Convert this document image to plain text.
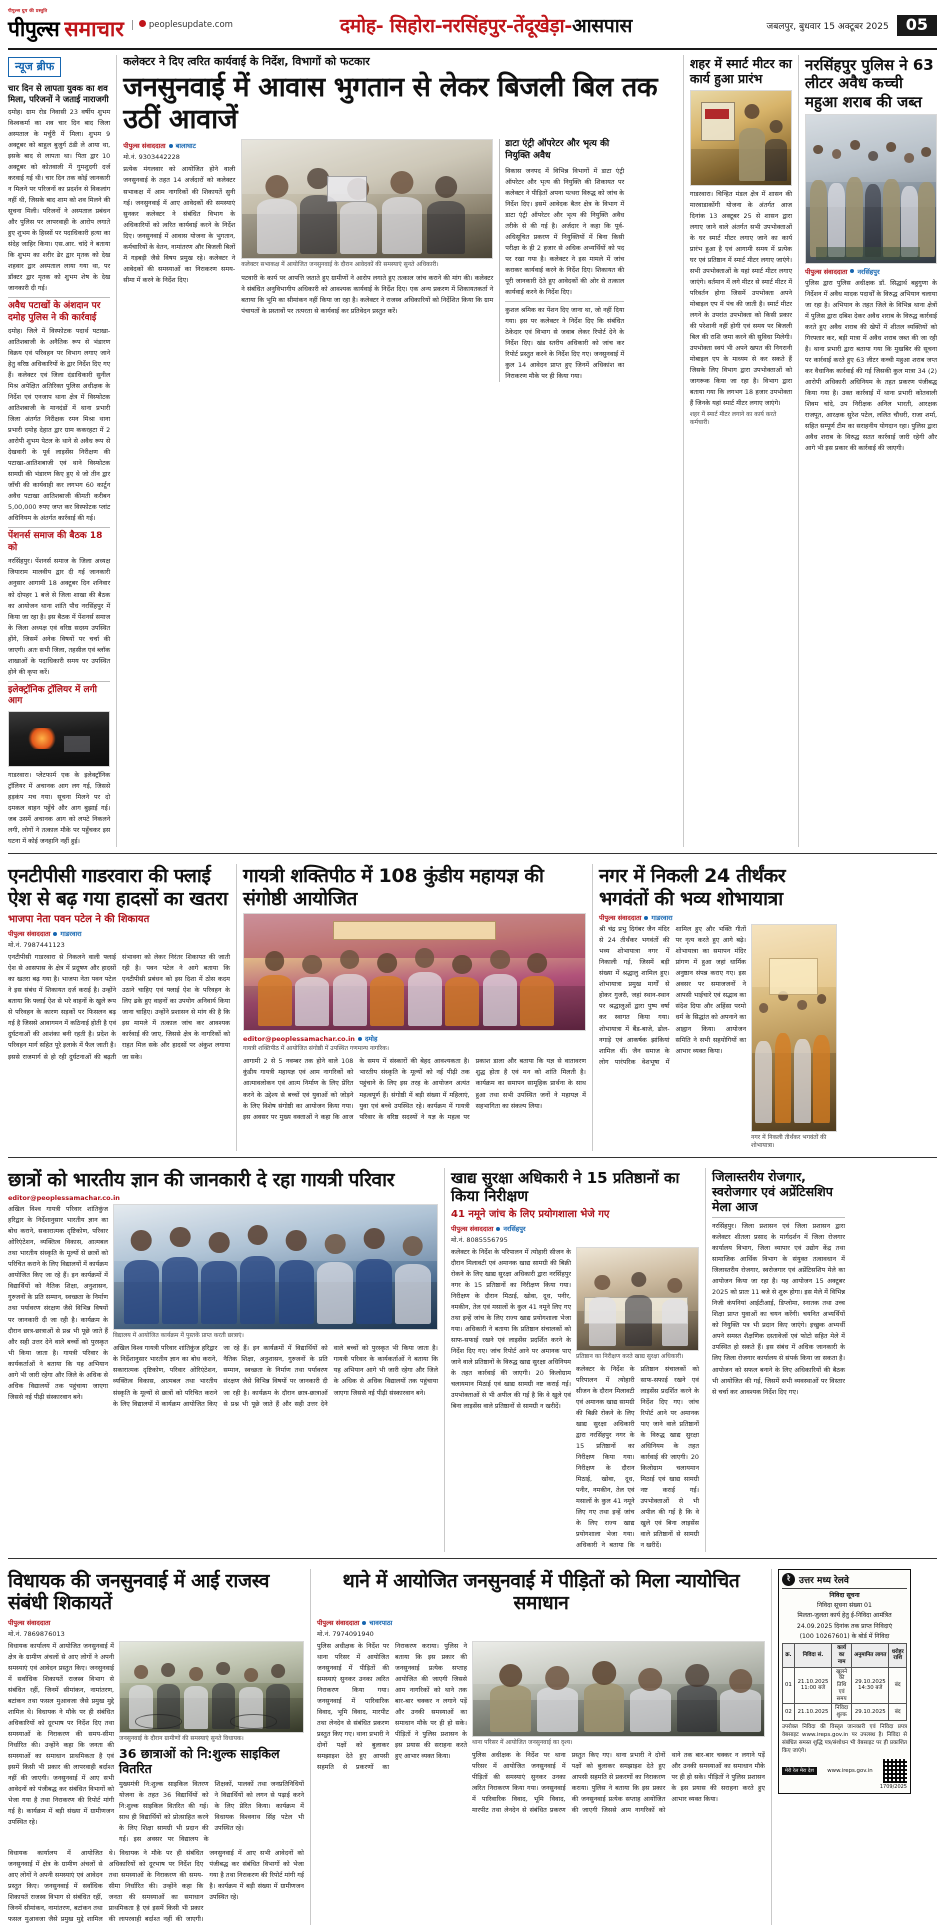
पीपुल्स ग्रुप की प्रस्तुति
पीपुल्स समाचार	peoplesupdate.com	दमोह- सिहोरा-नरसिंहपुर-तेंदूखेड़ा-आसपास	जबलपुर, बुधवार 15 अक्टूबर 2025	05
न्यूज ब्रीफ
चार दिन से लापता युवक का शव मिला, परिजनों ने जताई नाराजगी
दमोह। ग्राम रोड निवासी 23 वर्षीय शुभम विश्वकर्मा का शव चार दिन बाद जिला अस्पताल के मर्चुरी में मिला। शुभम 9 अक्टूबर को बाहुल बुजुर्ग ठंडी ले आया था, इसके बाद से लापता था। पिता द्वार 10 अक्टूबर को कोतवाली में गुमशुदगी दर्ज करवाई गई थी। चार दिन तक कोई जानकारी न मिलने पर परिजनों का प्रदर्शन से विकलांग नहीं थी, जिसके बाद शाम को शव मिलने की सूचना मिली। परिजनों ने अस्पताल प्रबंधन और पुलिस पर लापरवाही के आरोप लगाते हुए शुभम के हिस्सों पर पदाधिकारी हत्या का संदेह जाहिर किया। एस.आर. चांदे ने बताया कि शुभम का शरीर ढेर द्वार मृतक को देख शहवार द्वार अस्पताल लाया गया था, पर डॉक्टर द्वार मृतक को शुभम शेष के देख जानकारी दी गई।
अवैध पटाखों के अंशदान पर दमोह पुलिस ने की कार्रवाई
दमोह। जिले में विस्फोटक पदार्थ पटाखा-आतिशबाजी के अनैतिक रूप से भंडारण विक्रय एवं परिवहन पर विभाग लगाए जाने हेतु वरिष्ठ अधिकारियों के द्वार निर्देश दिए गए हैं। कलेक्टर एवं जिला दंडाधिकारी सुनील मिश्र अपेक्षित अतिरिक्त पुलिस अधीक्षक के निर्देश एवं एनजाप थाना क्षेत्र में विस्फोटक आतिशबाजी के मानदंडों में थाना प्रभारी जिला अंतर्गत निरीक्षक रमन मिश्रा थाना प्रभारी दमोह देहात द्वार ग्राम ककरहटा में 2 आरोपी शुभम पेटल के थाने से अवैध रूप से देखवारी के पूर्व लाइसेंस निरीक्षण की पटाखा-आतिशबाजी एवं थाने विस्फोटक सामग्री की भंडारण किए हुए थे जो तीन द्वार जाँची की कार्यवाही कर लगभग 60 कार्टून अवैध पटाखा आतिशबाजी कीमती करीबन 5,00,000 रुपए जप्त कर विस्फोटक प्लांट अधिनियम के अंतर्गत कार्रवाई की गई।
पेंशनर्स समाज की बैठक 18 को
नरसिंहपुर। पेंशनर्स समाज के जिला अध्यक्ष जियाराम मालवीय द्वार दी गई जानकारी अनुसार आगामी 18 अक्टूबर दिन शनिवार को दोपहर 1 बजे से जिला शाखा की बैठक का आयोजन थाना शांति पौध नरसिंहपुर में किया जा रहा है। इस बैठक में पेंशनर्स समाज के जिला अध्यक्ष एवं वरिष्ठ सदस्य उपस्थित होंगे, जिसमें अनेक विषयों पर चर्चा की जाएगी। अतः सभी जिला, तहसील एवं ब्लॉक शाखाओं के पदाधिकारी समय पर उपस्थित होने की कृपा करें।
इलेक्ट्रॉनिक ट्रॉलियर में लगी आग
गाडरवारा। प्लेटफार्म एक के इलेक्ट्रॉनिक ट्रॉलियर में अचानक आग लग गई, जिससे हड़कंप मच गया। सूचना मिलने पर दो दमकल वाहन पहुँचे और आग बुझाई गई। जब उसमें अचानक आग को लपटे निकलने लगी, लोगों ने तत्काल मौके पर पहुँचकर इस घटना में कोई जनहानि नहीं हुई।
कलेक्टर ने दिए त्वरित कार्यवाई के निर्देश, विभागों को फटकार
जनसुनवाई में आवास भुगतान से लेकर बिजली बिल तक उठीं आवाजें
पीपुल्स संवाददाता बालाघाट
मो.नं. 9303442228
प्रत्येक मंगलवार को आयोजित होने वाली जनसुनवाई के तहत 14 अर्जदारों को कलेक्टर सभाकक्ष में आम नागरिकों की शिकायतें सुनी गई। जनसुनवाई में आए आवेदकों की समस्याएं सुनकर कलेक्टर ने संबंधित विभाग के अधिकारियों को त्वरित कार्यवाई करने के निर्देश दिए। जनसुनवाई में आवास योजना के भुगतान, कर्मचारियों के वेतन, नामांतरण और बिजली बिलों में गड़बड़ी जैसे विषय प्रमुख रहे। कलेक्टर ने आवेदकों की समस्याओं का निराकरण समय-सीमा में करने के निर्देश दिए।
कलेक्टर सभाकक्ष में आयोजित जनसुनवाई के दौरान आवेदकों की समस्याएं सुनते अधिकारी।
पटवारी के कार्य पर आपत्ति जताते हुए ग्रामीणों ने आरोप लगाते हुए तत्काल जांच कराने की मांग की। कलेक्टर ने संबंधित अनुविभागीय अधिकारी को आवश्यक कार्यवाई के निर्देश दिए। एक अन्य प्रकरण में शिकायतकर्ता ने बताया कि भूमि का सीमांकन नहीं किया जा रहा है। कलेक्टर ने राजस्व अधिकारियों को निर्देशित किया कि ग्राम पंचायतों के प्रस्तावों पर तत्परता से कार्यवाई कर प्रतिवेदन प्रस्तुत करें।
डाटा एंट्री ऑपरेटर और भृत्य की नियुक्ति अवैध
विकास जनपद में विभिन्न विभागों में डाटा एंट्री ऑपरेटर और भृत्य की नियुक्ति की शिकायत पर कलेक्टर ने पीड़ितों अपना पत्थरा विरुद्ध को जांच के निर्देश दिए। इसमें आवेदक बैतर क्षेत्र के विभाग में डाटा एंट्री ऑपरेटर और भृत्य की नियुक्ति अवैध तरीके से की गई है। अर्जदार ने कहा कि पूर्व-अधिसूचित प्रकरण में नियुक्तियों में बिना किसी परीक्षा के ही 2 हजार से अधिक अभ्यर्थियों को पद पर रखा गया है। कलेक्टर ने इस मामले में जांच कराकर कार्यवाई करने के निर्देश दिए। शिकायत की पूरी जानकारी देते हुए आवेदकों की ओर से तत्काल कार्यवाई करने के निर्देश दिए।
कुशल श्रमिक का पेंशन दिए जाना था, जो नहीं दिया गया। इस पर कलेक्टर ने निर्देश दिए कि संबंधित ठेकेदार एवं विभाग से जवाब लेकर रिपोर्ट देने के निर्देश दिए। खंड स्तरीय अधिकारी को जांच कर रिपोर्ट प्रस्तुत करने के निर्देश दिए गए। जनसुनवाई में कुल 14 आवेदन प्राप्त हुए जिनमें अधिकांश का निराकरण मौके पर ही किया गया।
शहर में स्मार्ट मीटर का कार्य हुआ प्रारंभ
गाडरवारा। चिन्हित मंडल क्षेत्र में शासन की मारवाडाकोंगी योजना के अंतर्गत आज दिनांक 13 अक्टूबर 25 से शासन द्वारा लगाए जाने वाले अंतर्गत सभी उपभोक्ताओं के घर स्मार्ट मीटर लगाए जाने का कार्य प्रारंभ हुआ है एवं आगामी समय में प्रत्येक घर एवं प्रतिष्ठान में स्मार्ट मीटर लगाए जाएंगे। सभी उपभोक्ताओं के यहां स्मार्ट मीटर लगाए जाएंगे। वर्तमान में लगे मीटर से स्मार्ट मीटर में परिवर्तन होगा जिसमें उपभोक्ता अपने मोबाइल एप में पंच की जाती है। स्मार्ट मीटर लगने के उपरांत उपभोक्ता को किसी प्रकार की परेशानी नहीं होगी एवं समय पर बिजली बिल की राशि जमा करने की सुविधा मिलेगी। उपभोक्ता स्वयं भी अपने खपत की निगरानी मोबाइल एप के माध्यम से कर सकते हैं जिसके लिए विभाग द्वारा उपभोक्ताओं को जागरूक किया जा रहा है। विभाग द्वारा बताया गया कि लगभग 18 हजार उपभोक्ता हैं जिनके यहां स्मार्ट मीटर लगाए जाएंगे।
शहर में स्मार्ट मीटर लगाने का कार्य करते कर्मचारी।
नरसिंहपुर पुलिस ने 63 लीटर अवैध कच्ची महुआ शराब की जब्त
पीपुल्स संवाददाता नरसिंहपुर
पुलिस द्वारा पुलिस अधीक्षक डॉ. सिद्धार्थ बहुगुणा के निर्देशन में अवैध मादक पदार्थों के विरुद्ध अभियान चलाया जा रहा है। अभियान के तहत जिले के विभिन्न थाना क्षेत्रों में पुलिस द्वारा दबिश देकर अवैध शराब के विरुद्ध कार्रवाई करते हुए अवैध शराब की खेपों में शीतल व्यक्तियों को गिरफ्तार कर, बड़ी मात्रा में अवैध शराब जब्त की जा रही है। थाना प्रभारी द्वारा बताया गया कि मुखबिर की सूचना पर कार्रवाई करते हुए 63 लीटर कच्ची महुआ शराब जप्त कर वैधानिक कार्रवाई की गई जिसकी कुल मात्रा 34 (2) आरोपी अधिकारी अधिनियम के तहत प्रकरण पंजीबद्ध किया गया है। उक्त कार्रवाई में थाना प्रभारी कोतवाली शिवम चांदे, उप निरीक्षक अनिल भारती, आरक्षक राजपूत, आरक्षक सुरेश पटेल, ललित चौधरी, राजा शर्मा, सहित सम्पूर्ण टीम का सराहनीय योगदान रहा। पुलिस द्वारा अवैध शराब के विरुद्ध सतत कार्रवाई जारी रहेगी और आगे भी इस प्रकार की कार्रवाई की जाएगी।
एनटीपीसी गाडरवारा की फ्लाई ऐश से बढ़ गया हादसों का खतरा
भाजपा नेता पवन पटेल ने की शिकायत
पीपुल्स संवाददाता गाडरवारा
मो.नं. 7987441123
एनटीपीसी गाडरवारा से निकलने वाली फ्लाई ऐश से आसपास के क्षेत्र में प्रदूषण और हादसों का खतरा बढ़ गया है। भाजपा नेता पवन पटेल ने इस संबंध में शिकायत दर्ज कराई है। उन्होंने बताया कि फ्लाई ऐश से भरे वाहनों के खुले रूप से परिवहन के कारण सड़कों पर फिसलन बढ़ गई है जिससे आवागमन में कठिनाई होती है एवं दुर्घटनाओं की आशंका बनी रहती है। प्रदेश के परिवहन मार्ग सहित पूरे इलाके में फैल जाती है। इससे राजमार्ग से हो रही दुर्घटनाओं की बढ़ती संभावना को लेकर निरंतर शिकायत की जाती रही है। पवन पटेल ने आगे बताया कि एनटीपीसी प्रबंधन को इस दिशा में ठोस कदम उठाने चाहिए एवं फ्लाई ऐश के परिवहन के लिए ढके हुए वाहनों का उपयोग अनिवार्य किया जाना चाहिए। उन्होंने प्रशासन से मांग की है कि इस मामले में तत्काल जांच कर आवश्यक कार्रवाई की जाए, जिससे क्षेत्र के नागरिकों को राहत मिल सके और हादसों पर अंकुश लगाया जा सके।
गायत्री शक्तिपीठ में 108 कुंडीय महायज्ञ की संगोष्ठी आयोजित
editor@peoplessamachar.co.in दमोह
गायत्री शक्तिपीठ में आयोजित संगोष्ठी में उपस्थित गणमान्य नागरिक।
आगामी 2 से 5 नवम्बर तक होने वाले 108 कुंडीय गायत्री महायज्ञ एवं आम नागरिकों को आत्मावलोकन एवं आत्म निर्माण के लिए प्रेरित करने के उद्देश्य से बच्चों एवं युवाओं को जोड़ने के लिए विशेष संगोष्ठी का आयोजन किया गया। इस अवसर पर मुख्य वक्ताओं ने कहा कि आज के समय में संस्कारों की बेहद आवश्यकता है। भारतीय संस्कृति के मूल्यों को नई पीढ़ी तक पहुंचाने के लिए इस तरह के आयोजन अत्यंत महत्वपूर्ण हैं। संगोष्ठी में बड़ी संख्या में महिलाएं, युवा एवं बच्चे उपस्थित रहे। कार्यक्रम में गायत्री परिवार के वरिष्ठ सदस्यों ने यज्ञ के महत्व पर प्रकाश डाला और बताया कि यज्ञ से वातावरण शुद्ध होता है एवं मन को शांति मिलती है। कार्यक्रम का समापन सामूहिक प्रार्थना के साथ हुआ तथा सभी उपस्थित जनों ने महायज्ञ में सहभागिता का संकल्प लिया।
नगर में निकली 24 तीर्थंकर भगवंतों की भव्य शोभायात्रा
पीपुल्स संवाददाता गाडरवारा
श्री चंद्र प्रभु दिगंबर जैन मंदिर से 24 तीर्थंकर भगवंतों की भव्य शोभायात्रा नगर में निकाली गई, जिसमें बड़ी संख्या में श्रद्धालु शामिल हुए। शोभायात्रा प्रमुख मार्गों से होकर गुजरी, जहां स्थान-स्थान पर श्रद्धालुओं द्वारा पुष्प वर्षा कर स्वागत किया गया। शोभायात्रा में बैंड-बाजे, ढोल-नगाड़े एवं आकर्षक झांकियां शामिल थीं। जैन समाज के लोग पारंपरिक वेशभूषा में शामिल हुए और भक्ति गीतों पर नृत्य करते हुए आगे बढ़े। शोभायात्रा का समापन मंदिर प्रांगण में हुआ जहां धार्मिक अनुष्ठान संपन्न कराए गए। इस अवसर पर समाजजनों ने आपसी भाईचारे एवं सद्भाव का संदेश दिया और अहिंसा परमो धर्म के सिद्धांत को अपनाने का आह्वान किया। आयोजन समिति ने सभी सहयोगियों का आभार व्यक्त किया।
नगर में निकली तीर्थंकर भगवंतों की शोभायात्रा।
छात्रों को भारतीय ज्ञान की जानकारी दे रहा गायत्री परिवार
editor@peoplessamachar.co.in
अखिल विश्व गायत्री परिवार शांतिकुंज हरिद्वार के निर्देशानुसार भारतीय ज्ञान का बोध कराने, सकारात्मक दृष्टिकोण, परिवार ओरिएंटेशन, व्यक्तित्व विकास, आत्मबल तथा भारतीय संस्कृति के मूल्यों से छात्रों को परिचित कराने के लिए विद्यालयों में कार्यक्रम आयोजित किए जा रहे हैं। इन कार्यक्रमों में विद्यार्थियों को नैतिक शिक्षा, अनुशासन, गुरुजनों के प्रति सम्मान, स्वच्छता के निर्माण तथा पर्यावरण संरक्षण जैसे विभिन्न विषयों पर जानकारी दी जा रही है। कार्यक्रम के दौरान छात्र-छात्राओं से प्रश्न भी पूछे जाते हैं और सही उत्तर देने वाले बच्चों को पुरस्कृत भी किया जाता है। गायत्री परिवार के कार्यकर्ताओं ने बताया कि यह अभियान आगे भी जारी रहेगा और जिले के अधिक से अधिक विद्यालयों तक पहुंचाया जाएगा जिससे नई पीढ़ी संस्कारवान बने।
विद्यालय में आयोजित कार्यक्रम में पुस्तकें प्राप्त करती छात्राएं।
अखिल विश्व गायत्री परिवार शांतिकुंज हरिद्वार के निर्देशानुसार भारतीय ज्ञान का बोध कराने, सकारात्मक दृष्टिकोण, परिवार ओरिएंटेशन, व्यक्तित्व विकास, आत्मबल तथा भारतीय संस्कृति के मूल्यों से छात्रों को परिचित कराने के लिए विद्यालयों में कार्यक्रम आयोजित किए जा रहे हैं। इन कार्यक्रमों में विद्यार्थियों को नैतिक शिक्षा, अनुशासन, गुरुजनों के प्रति सम्मान, स्वच्छता के निर्माण तथा पर्यावरण संरक्षण जैसे विभिन्न विषयों पर जानकारी दी जा रही है। कार्यक्रम के दौरान छात्र-छात्राओं से प्रश्न भी पूछे जाते हैं और सही उत्तर देने वाले बच्चों को पुरस्कृत भी किया जाता है। गायत्री परिवार के कार्यकर्ताओं ने बताया कि यह अभियान आगे भी जारी रहेगा और जिले के अधिक से अधिक विद्यालयों तक पहुंचाया जाएगा जिससे नई पीढ़ी संस्कारवान बने।
खाद्य सुरक्षा अधिकारी ने 15 प्रतिष्ठानों का किया निरीक्षण
41 नमूने जांच के लिए प्रयोगशाला भेजे गए
पीपुल्स संवाददाता नरसिंहपुर
मो.नं. 8085556795
कलेक्टर के निर्देश के परिपालन में त्योहारी सीजन के दौरान मिलावटी एवं अमानक खाद्य सामग्री की बिक्री रोकने के लिए खाद्य सुरक्षा अधिकारी द्वारा नरसिंहपुर नगर के 15 प्रतिष्ठानों का निरीक्षण किया गया। निरीक्षण के दौरान मिठाई, खोवा, दूध, पनीर, नमकीन, तेल एवं मसालों के कुल 41 नमूने लिए गए तथा इन्हें जांच के लिए राज्य खाद्य प्रयोगशाला भेजा गया। अधिकारी ने बताया कि प्रतिष्ठान संचालकों को साफ-सफाई रखने एवं लाइसेंस प्रदर्शित करने के निर्देश दिए गए। जांच रिपोर्ट आने पर अमानक पाए जाने वाले प्रतिष्ठानों के विरुद्ध खाद्य सुरक्षा अधिनियम के तहत कार्रवाई की जाएगी। 20 किलोग्राम चलायमान मिठाई एवं खाद्य सामग्री नष्ट कराई गई। उपभोक्ताओं से भी अपील की गई है कि वे खुले एवं बिना लाइसेंस वाले प्रतिष्ठानों से सामग्री न खरीदें।
प्रतिष्ठान का निरीक्षण करते खाद्य सुरक्षा अधिकारी।
कलेक्टर के निर्देश के परिपालन में त्योहारी सीजन के दौरान मिलावटी एवं अमानक खाद्य सामग्री की बिक्री रोकने के लिए खाद्य सुरक्षा अधिकारी द्वारा नरसिंहपुर नगर के 15 प्रतिष्ठानों का निरीक्षण किया गया। निरीक्षण के दौरान मिठाई, खोवा, दूध, पनीर, नमकीन, तेल एवं मसालों के कुल 41 नमूने लिए गए तथा इन्हें जांच के लिए राज्य खाद्य प्रयोगशाला भेजा गया। अधिकारी ने बताया कि प्रतिष्ठान संचालकों को साफ-सफाई रखने एवं लाइसेंस प्रदर्शित करने के निर्देश दिए गए। जांच रिपोर्ट आने पर अमानक पाए जाने वाले प्रतिष्ठानों के विरुद्ध खाद्य सुरक्षा अधिनियम के तहत कार्रवाई की जाएगी। 20 किलोग्राम चलायमान मिठाई एवं खाद्य सामग्री नष्ट कराई गई। उपभोक्ताओं से भी अपील की गई है कि वे खुले एवं बिना लाइसेंस वाले प्रतिष्ठानों से सामग्री न खरीदें।
जिलास्तरीय रोजगार, स्वरोजगार एवं अप्रेंटिसशिप मेला आज
नरसिंहपुर। जिला प्रशासन एवं जिला प्रशासन द्वारा कलेक्टर शीतला प्रसाद के मार्गदर्शन में जिला रोजगार कार्यालय विभाग, जिला व्यापार एवं उद्योग केंद्र तथा सामाजिक आर्थिक विभाग के संयुक्त तत्वावधान में जिलास्तरीय रोजगार, स्वरोजगार एवं अप्रेंटिसशिप मेले का आयोजन किया जा रहा है। यह आयोजन 15 अक्टूबर 2025 को प्रातः 11 बजे से शुरू होगा। इस मेले में विभिन्न निजी कंपनियां आईटीआई, डिप्लोमा, स्नातक तथा उच्च शिक्षा प्राप्त युवाओं का चयन करेंगी। चयनित अभ्यर्थियों को नियुक्ति पत्र भी प्रदान किए जाएंगे। इच्छुक अभ्यर्थी अपने समस्त शैक्षणिक दस्तावेजों एवं फोटो सहित मेले में उपस्थित हो सकते हैं। इस संबंध में अधिक जानकारी के लिए जिला रोजगार कार्यालय से संपर्क किया जा सकता है। आयोजन को सफल बनाने के लिए अधिकारियों की बैठक भी आयोजित की गई, जिसमें सभी व्यवस्थाओं पर विस्तार से चर्चा कर आवश्यक निर्देश दिए गए।
विधायक की जनसुनवाई में आई राजस्व संबंधी शिकायतें
पीपुल्स संवाददाता
मो.नं. 7869876013
विधायक कार्यालय में आयोजित जनसुनवाई में क्षेत्र के ग्रामीण अंचलों से आए लोगों ने अपनी समस्याएं एवं आवेदन प्रस्तुत किए। जनसुनवाई में सर्वाधिक शिकायतें राजस्व विभाग से संबंधित रहीं, जिनमें सीमांकन, नामांतरण, बटांकन तथा फसल मुआवजा जैसे प्रमुख मुद्दे शामिल थे। विधायक ने मौके पर ही संबंधित अधिकारियों को दूरभाष पर निर्देश दिए तथा समस्याओं के निराकरण की समय-सीमा निर्धारित की। उन्होंने कहा कि जनता की समस्याओं का समाधान प्राथमिकता है एवं इसमें किसी भी प्रकार की लापरवाही बर्दाश्त नहीं की जाएगी। जनसुनवाई में आए सभी आवेदनों को पंजीबद्ध कर संबंधित विभागों को भेजा गया है तथा निराकरण की रिपोर्ट मांगी गई है। कार्यक्रम में बड़ी संख्या में ग्रामीणजन उपस्थित रहे।
जनसुनवाई के दौरान ग्रामीणों की समस्याएं सुनते विधायक।
36 छात्राओं को नि:शुल्क साइकिल वितरित
मुख्यमंत्री नि:शुल्क साइकिल वितरण योजना के तहत 36 विद्यार्थियों को नि:शुल्क साइकिल वितरित की गई। साथ ही विद्यार्थियों को प्रोत्साहित करने के लिए शिक्षा सामग्री भी प्रदान की गई। इस अवसर पर विद्यालय के शिक्षकों, पालकों तथा जनप्रतिनिधियों ने विद्यार्थियों को लगन से पढ़ाई करने के लिए प्रेरित किया। कार्यक्रम में विधायक विश्वनाथ सिंह पटेल भी उपस्थित रहे।
विधायक कार्यालय में आयोजित जनसुनवाई में क्षेत्र के ग्रामीण अंचलों से आए लोगों ने अपनी समस्याएं एवं आवेदन प्रस्तुत किए। जनसुनवाई में सर्वाधिक शिकायतें राजस्व विभाग से संबंधित रहीं, जिनमें सीमांकन, नामांतरण, बटांकन तथा फसल मुआवजा जैसे प्रमुख मुद्दे शामिल थे। विधायक ने मौके पर ही संबंधित अधिकारियों को दूरभाष पर निर्देश दिए तथा समस्याओं के निराकरण की समय-सीमा निर्धारित की। उन्होंने कहा कि जनता की समस्याओं का समाधान प्राथमिकता है एवं इसमें किसी भी प्रकार की लापरवाही बर्दाश्त नहीं की जाएगी। जनसुनवाई में आए सभी आवेदनों को पंजीबद्ध कर संबंधित विभागों को भेजा गया है तथा निराकरण की रिपोर्ट मांगी गई है। कार्यक्रम में बड़ी संख्या में ग्रामीणजन उपस्थित रहे।
थाने में आयोजित जनसुनवाई में पीड़ितों को मिला न्यायोचित समाधान
पीपुल्स संवाददाता चावरपाठा
मो.नं. 7974091940
पुलिस अधीक्षक के निर्देश पर थाना परिसर में आयोजित जनसुनवाई में पीड़ितों की समस्याएं सुनकर उनका त्वरित निराकरण किया गया। जनसुनवाई में पारिवारिक विवाद, भूमि विवाद, मारपीट तथा लेनदेन से संबंधित प्रकरण प्रस्तुत किए गए। थाना प्रभारी ने दोनों पक्षों को बुलाकर समझाइश देते हुए आपसी सहमति से प्रकरणों का निराकरण कराया। पुलिस ने बताया कि इस प्रकार की जनसुनवाई प्रत्येक सप्ताह आयोजित की जाएगी जिससे आम नागरिकों को थाने तक बार-बार चक्कर न लगाने पड़ें और उनकी समस्याओं का समाधान मौके पर ही हो सके। पीड़ितों ने पुलिस प्रशासन के इस प्रयास की सराहना करते हुए आभार व्यक्त किया।
थाना परिसर में आयोजित जनसुनवाई का दृश्य।
पुलिस अधीक्षक के निर्देश पर थाना परिसर में आयोजित जनसुनवाई में पीड़ितों की समस्याएं सुनकर उनका त्वरित निराकरण किया गया। जनसुनवाई में पारिवारिक विवाद, भूमि विवाद, मारपीट तथा लेनदेन से संबंधित प्रकरण प्रस्तुत किए गए। थाना प्रभारी ने दोनों पक्षों को बुलाकर समझाइश देते हुए आपसी सहमति से प्रकरणों का निराकरण कराया। पुलिस ने बताया कि इस प्रकार की जनसुनवाई प्रत्येक सप्ताह आयोजित की जाएगी जिससे आम नागरिकों को थाने तक बार-बार चक्कर न लगाने पड़ें और उनकी समस्याओं का समाधान मौके पर ही हो सके। पीड़ितों ने पुलिस प्रशासन के इस प्रयास की सराहना करते हुए आभार व्यक्त किया।
रे	उत्तर मध्य रेलवे
निविदा सूचना
निविदा सूचना संख्या 01
मिलता-जुलता कार्य हेतु ई-निविदा आमंत्रित
24.09.2025 दिनांक तक प्राप्त निविदाएं
(100 10267601) के बोर्ड में निविदा
क्र.	निविदा सं.	कार्य का नाम	अनुमानित लागत	धरोहर राशि
01	21.10.2025 11:00 बजे	खुलने की तिथि एवं समय	29.10.2025 14:30 बजे	बंद
02	21.10.2025	निविदा शुल्क	29.10.2025	बंद
उपरोक्त निविदा की विस्तृत जानकारी एवं निविदा प्रपत्र वेबसाइट www.ireps.gov.in पर उपलब्ध है। निविदा से संबंधित समस्त शुद्धि पत्र/संशोधन भी वेबसाइट पर ही प्रकाशित किए जाएंगे।
मेरी रेल मेरा देश	www.ireps.gov.in
1709/2025
